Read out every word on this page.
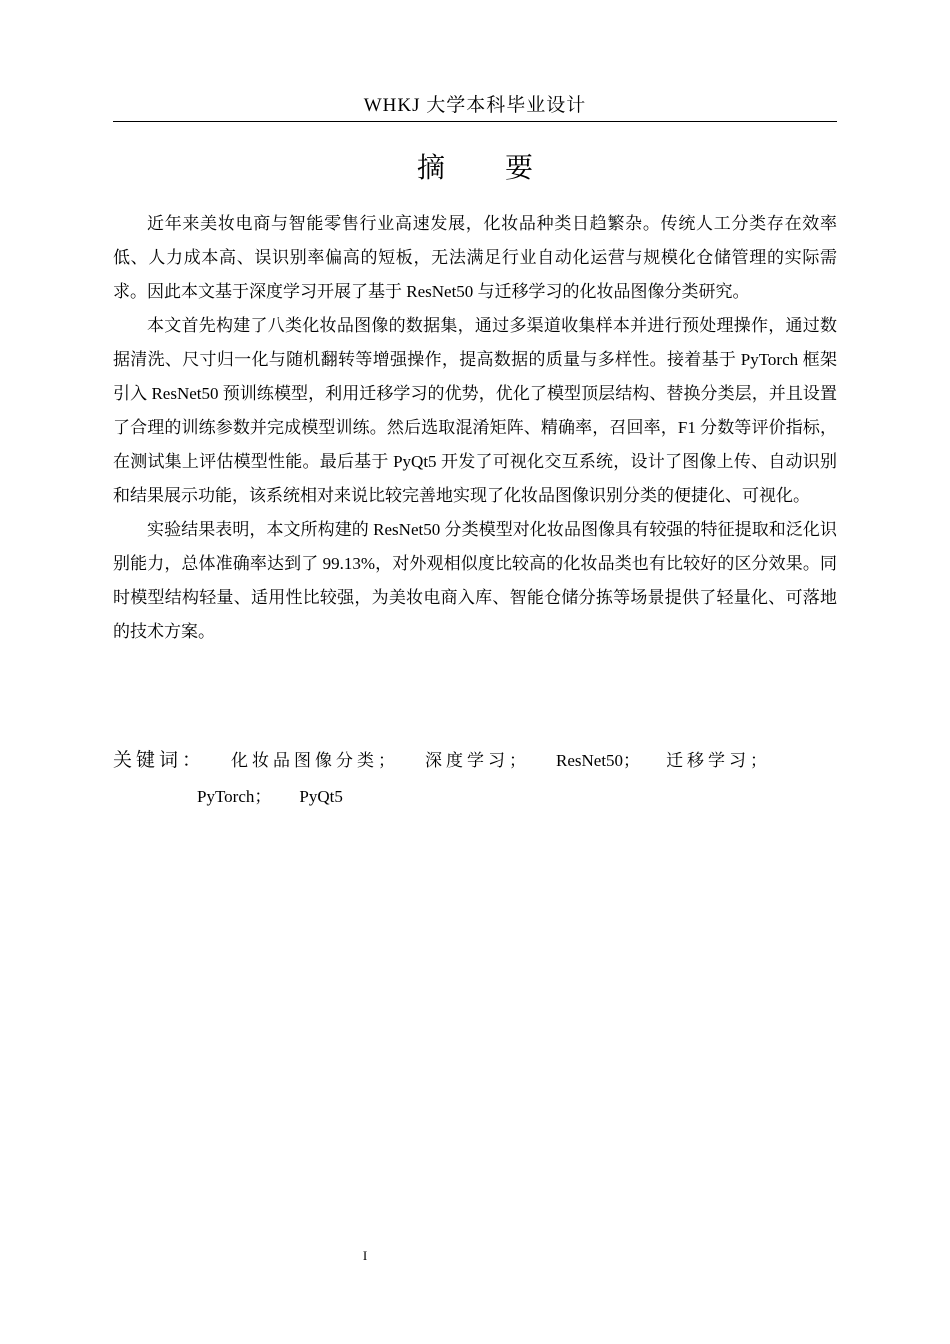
WHKJ 大学本科毕业设计
摘要

近年来美妆电商与智能零售行业高速发展，化妆品种类日趋繁杂。传统人工分类存在效率低、人力成本高、误识别率偏高的短板，无法满足行业自动化运营与规模化仓储管理的实际需求。因此本文基于深度学习开展了基于 ResNet50 与迁移学习的化妆品图像分类研究。

本文首先构建了八类化妆品图像的数据集，通过多渠道收集样本并进行预处理操作，通过数据清洗、尺寸归一化与随机翻转等增强操作，提高数据的质量与多样性。接着基于 PyTorch 框架引入 ResNet50 预训练模型，利用迁移学习的优势，优化了模型顶层结构、替换分类层，并且设置了合理的训练参数并完成模型训练。然后选取混淆矩阵、精确率，召回率，F1 分数等评价指标，在测试集上评估模型性能。最后基于 PyQt5 开发了可视化交互系统，设计了图像上传、自动识别和结果展示功能，该系统相对来说比较完善地实现了化妆品图像识别分类的便捷化、可视化。

实验结果表明，本文所构建的 ResNet50 分类模型对化妆品图像具有较强的特征提取和泛化识别能力，总体准确率达到了 99.13%，对外观相似度比较高的化妆品类也有比较好的区分效果。同时模型结构轻量、适用性比较强，为美妆电商入库、智能仓储分拣等场景提供了轻量化、可落地的技术方案。

关键词： 化妆品图像分类； 深度学习； ResNet50； 迁移学习；
PyTorch； PyQt5
I
